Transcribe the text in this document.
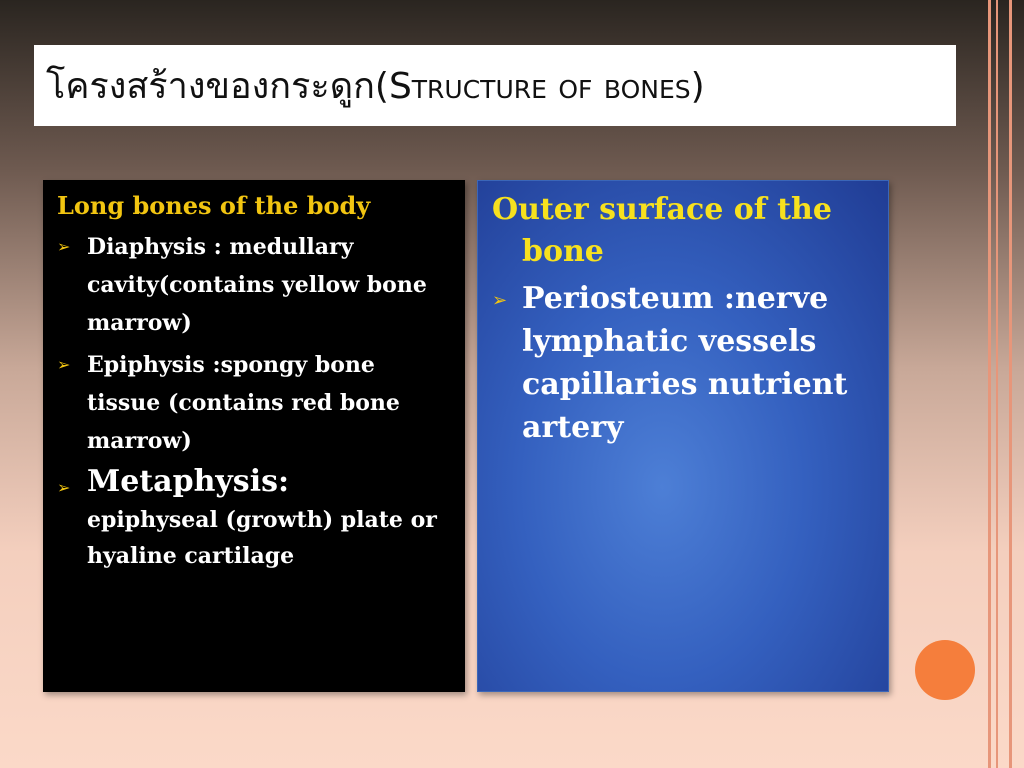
โครงสร้างของกระดูก(Structure of bones)
Long bones of the body
➢ Diaphysis : medullary cavity(contains yellow bone marrow)
➢ Epiphysis :spongy bone tissue (contains red bone marrow)
➢ Metaphysis:
epiphyseal (growth) plate or hyaline cartilage
Outer surface of the bone
➢ Periosteum :nerve lymphatic vessels capillaries nutrient artery
